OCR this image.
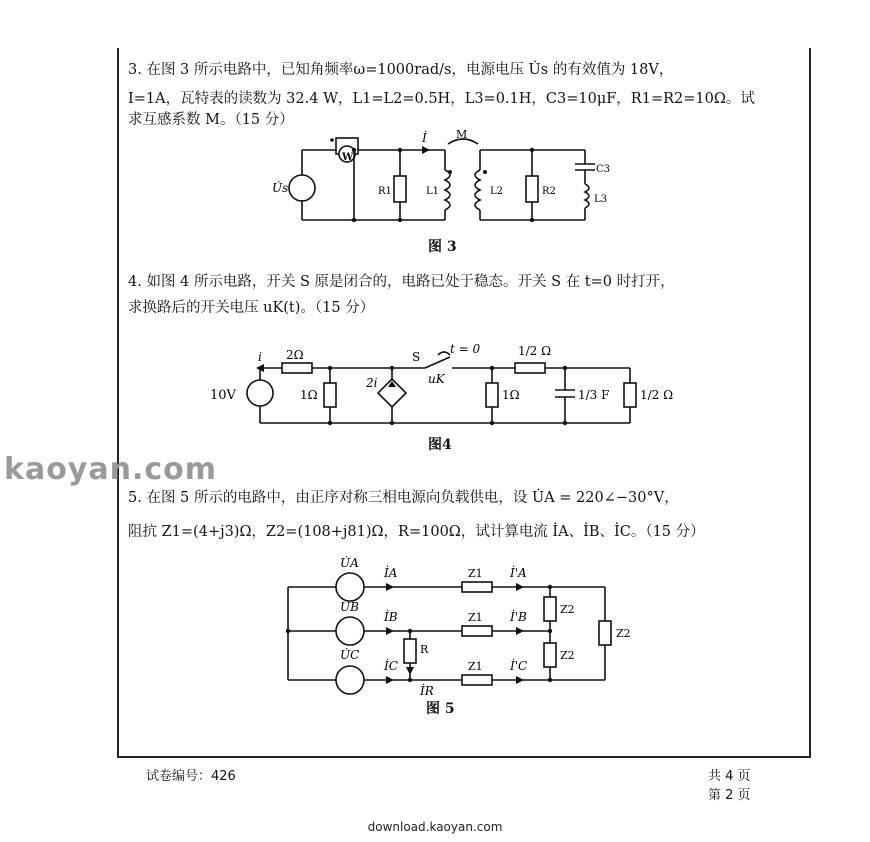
kaoyan.com
3. 在图 3 所示电路中，已知角频率ω=1000rad/s，电源电压 U̇s 的有效值为 18V，
I=1A，瓦特表的读数为 32.4 W，L1=L2=0.5H，L3=0.1H，C3=10μF，R1=R2=10Ω。试
求互感系数 M。（15 分）
W
U̇s
İ	M
R1	L1	L2	R2
C3
L3
图 3
4. 如图 4 所示电路，开关 S 原是闭合的，电路已处于稳态。开关 S 在 t=0 时打开，
求换路后的开关电压 uK(t)。（15 分）
10V
i 2Ω
1Ω
2i
S
t = 0
uK
1/2 Ω
1Ω	1/3 F	1/2 Ω
图4
5. 在图 5 所示的电路中，由正序对称三相电源向负载供电，设 U̇A = 220∠−30°V，
阻抗 Z1=(4+j3)Ω，Z2=(108+j81)Ω，R=100Ω，试计算电流 İA、İB、İC。（15 分）
U̇A
U̇B
U̇C
İA
İB
İC
İ'A
İ'B
İ'C
R
İR
Z1
Z1
Z1
Z2
Z2
Z2
图 5
试卷编号：426	共 4 页
第 2 页
download.kaoyan.com
